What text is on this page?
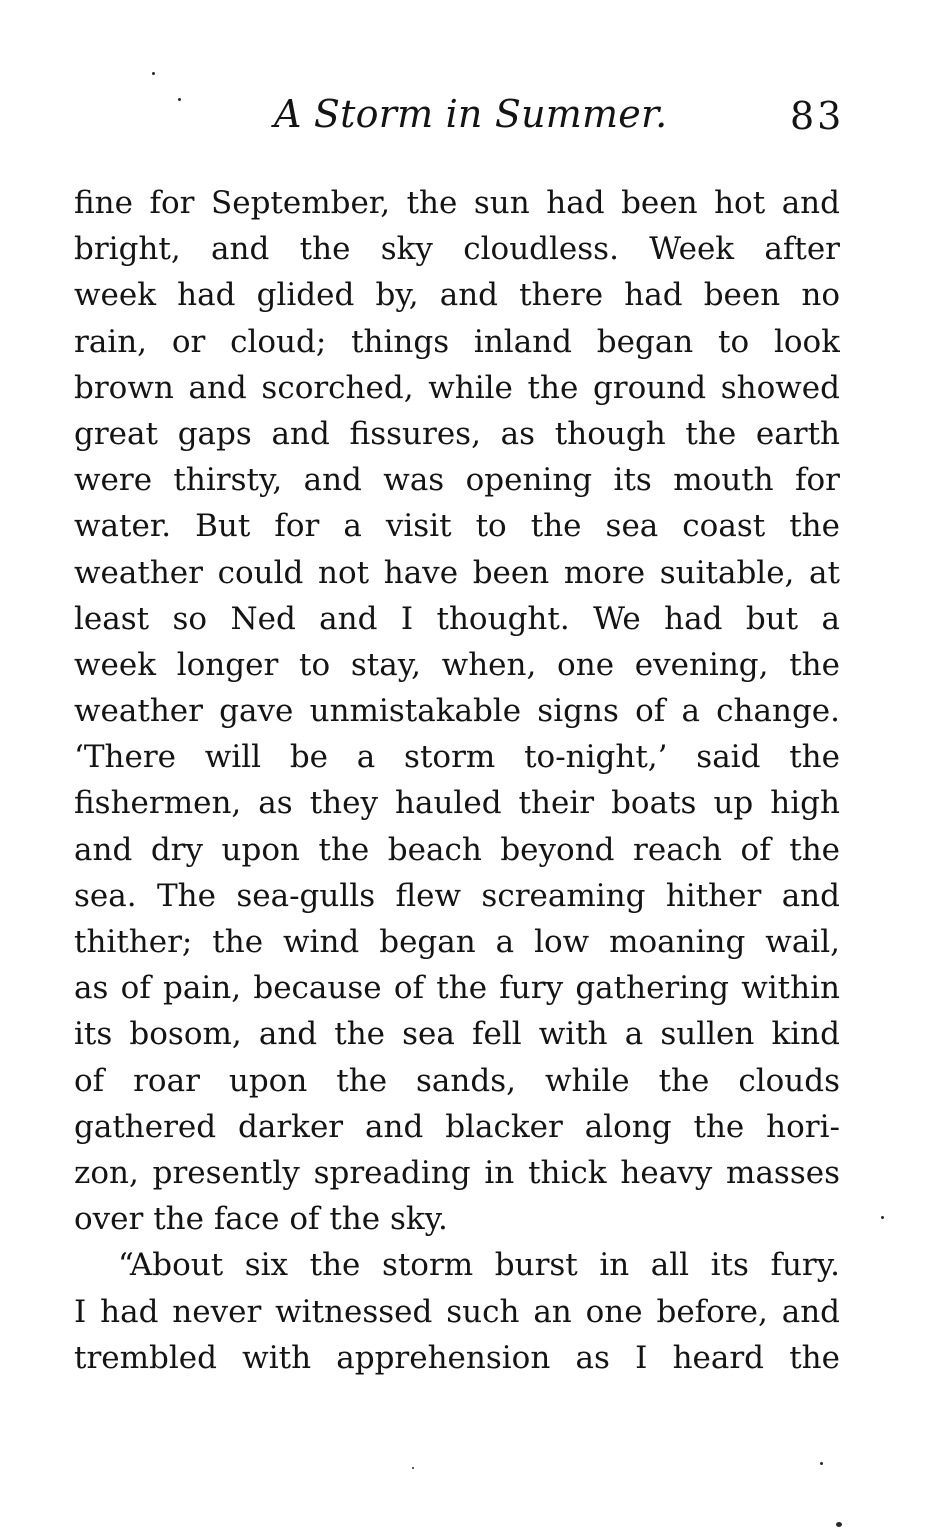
A Storm in Summer.	83
fine for September, the sun had been hot and
bright, and the sky cloudless. Week after
week had glided by, and there had been no
rain, or cloud; things inland began to look
brown and scorched, while the ground showed
great gaps and fissures, as though the earth
were thirsty, and was opening its mouth for
water. But for a visit to the sea coast the
weather could not have been more suitable, at
least so Ned and I thought. We had but a
week longer to stay, when, one evening, the
weather gave unmistakable signs of a change.
‘There will be a storm to-night,’ said the
fishermen, as they hauled their boats up high
and dry upon the beach beyond reach of the
sea. The sea-gulls flew screaming hither and
thither; the wind began a low moaning wail,
as of pain, because of the fury gathering within
its bosom, and the sea fell with a sullen kind
of roar upon the sands, while the clouds
gathered darker and blacker along the hori-
zon, presently spreading in thick heavy masses
over the face of the sky.
“About six the storm burst in all its fury.
I had never witnessed such an one before, and
trembled with apprehension as I heard the
